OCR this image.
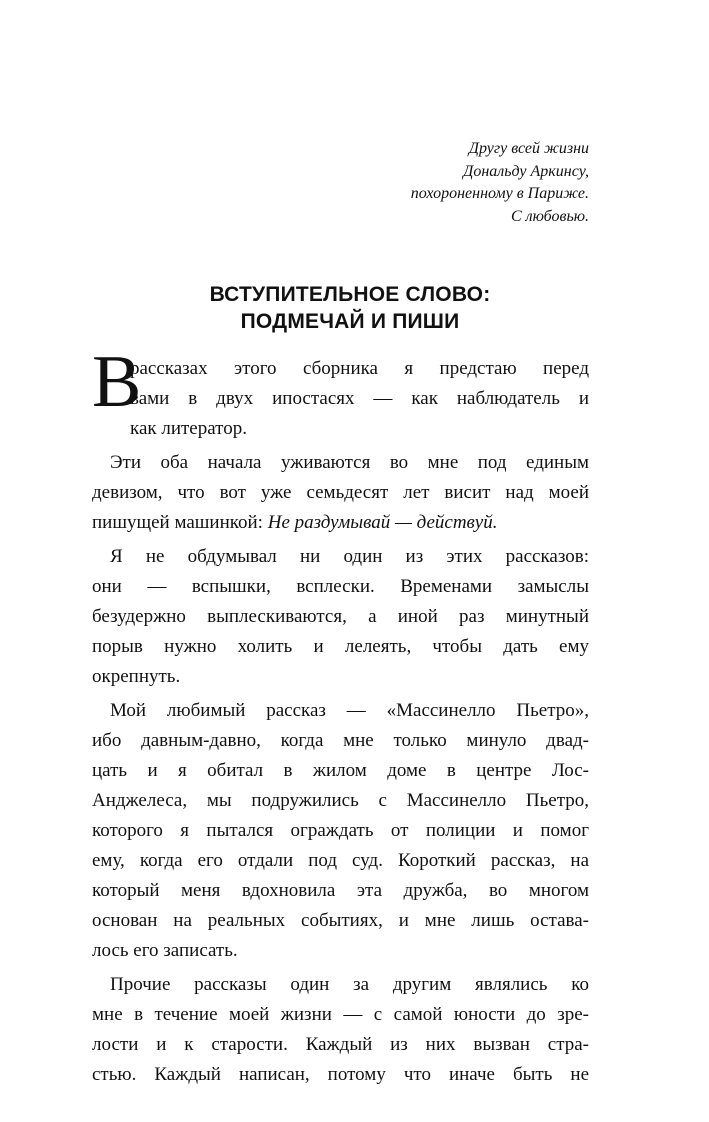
Другу всей жизни
Дональду Аркинсу,
похороненному в Париже.
С любовью.
ВСТУПИТЕЛЬНОЕ СЛОВО:
ПОДМЕЧАЙ И ПИШИ
В
рассказах этого сборника я предстаю перед
вами в двух ипостасях — как наблюдатель и
как литератор.
Эти оба начала уживаются во мне под единым
девизом, что вот уже семьдесят лет висит над моей
пишущей машинкой: Не раздумывай — действуй.
Я не обдумывал ни один из этих рассказов:
они — вспышки, всплески. Временами замыслы
безудержно выплескиваются, а иной раз минутный
порыв нужно холить и лелеять, чтобы дать ему
окрепнуть.
Мой любимый рассказ — «Массинелло Пьетро»,
ибо давным-давно, когда мне только минуло двад-
цать и я обитал в жилом доме в центре Лос-
Анджелеса, мы подружились с Массинелло Пьетро,
которого я пытался ограждать от полиции и помог
ему, когда его отдали под суд. Короткий рассказ, на
который меня вдохновила эта дружба, во многом
основан на реальных событиях, и мне лишь остава-
лось его записать.
Прочие рассказы один за другим являлись ко
мне в течение моей жизни — с самой юности до зре-
лости и к старости. Каждый из них вызван стра-
стью. Каждый написан, потому что иначе быть не
